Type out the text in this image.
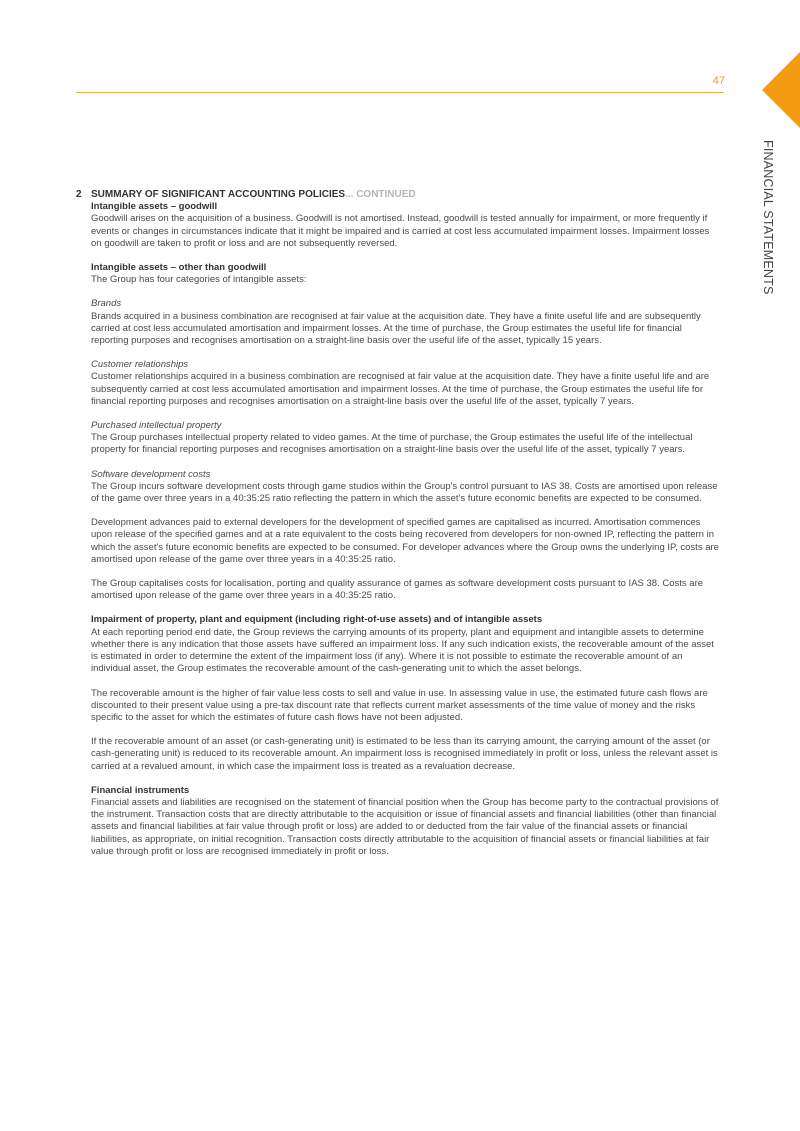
47
FINANCIAL STATEMENTS
2 SUMMARY OF SIGNIFICANT ACCOUNTING POLICIES... CONTINUED

Intangible assets – goodwill

Goodwill arises on the acquisition of a business. Goodwill is not amortised. Instead, goodwill is tested annually for impairment, or more frequently if events or changes in circumstances indicate that it might be impaired and is carried at cost less accumulated impairment losses. Impairment losses on goodwill are taken to profit or loss and are not subsequently reversed.

Intangible assets – other than goodwill

The Group has four categories of intangible assets:

Brands

Brands acquired in a business combination are recognised at fair value at the acquisition date. They have a finite useful life and are subsequently carried at cost less accumulated amortisation and impairment losses. At the time of purchase, the Group estimates the useful life for financial reporting purposes and recognises amortisation on a straight-line basis over the useful life of the asset, typically 15 years.

Customer relationships

Customer relationships acquired in a business combination are recognised at fair value at the acquisition date. They have a finite useful life and are subsequently carried at cost less accumulated amortisation and impairment losses. At the time of purchase, the Group estimates the useful life for financial reporting purposes and recognises amortisation on a straight-line basis over the useful life of the asset, typically 7 years.

Purchased intellectual property

The Group purchases intellectual property related to video games. At the time of purchase, the Group estimates the useful life of the intellectual property for financial reporting purposes and recognises amortisation on a straight-line basis over the useful life of the asset, typically 7 years.

Software development costs

The Group incurs software development costs through game studios within the Group's control pursuant to IAS 38. Costs are amortised upon release of the game over three years in a 40:35:25 ratio reflecting the pattern in which the asset's future economic benefits are expected to be consumed.

Development advances paid to external developers for the development of specified games are capitalised as incurred. Amortisation commences upon release of the specified games and at a rate equivalent to the costs being recovered from developers for non-owned IP, reflecting the pattern in which the asset's future economic benefits are expected to be consumed. For developer advances where the Group owns the underlying IP, costs are amortised upon release of the game over three years in a 40:35:25 ratio.

The Group capitalises costs for localisation, porting and quality assurance of games as software development costs pursuant to IAS 38. Costs are amortised upon release of the game over three years in a 40:35:25 ratio.

Impairment of property, plant and equipment (including right-of-use assets) and of intangible assets

At each reporting period end date, the Group reviews the carrying amounts of its property, plant and equipment and intangible assets to determine whether there is any indication that those assets have suffered an impairment loss. If any such indication exists, the recoverable amount of the asset is estimated in order to determine the extent of the impairment loss (if any). Where it is not possible to estimate the recoverable amount of an individual asset, the Group estimates the recoverable amount of the cash-generating unit to which the asset belongs.

The recoverable amount is the higher of fair value less costs to sell and value in use. In assessing value in use, the estimated future cash flows are discounted to their present value using a pre-tax discount rate that reflects current market assessments of the time value of money and the risks specific to the asset for which the estimates of future cash flows have not been adjusted.

If the recoverable amount of an asset (or cash-generating unit) is estimated to be less than its carrying amount, the carrying amount of the asset (or cash-generating unit) is reduced to its recoverable amount. An impairment loss is recognised immediately in profit or loss, unless the relevant asset is carried at a revalued amount, in which case the impairment loss is treated as a revaluation decrease.

Financial instruments

Financial assets and liabilities are recognised on the statement of financial position when the Group has become party to the contractual provisions of the instrument. Transaction costs that are directly attributable to the acquisition or issue of financial assets and financial liabilities (other than financial assets and financial liabilities at fair value through profit or loss) are added to or deducted from the fair value of the financial assets or financial liabilities, as appropriate, on initial recognition. Transaction costs directly attributable to the acquisition of financial assets or financial liabilities at fair value through profit or loss are recognised immediately in profit or loss.
